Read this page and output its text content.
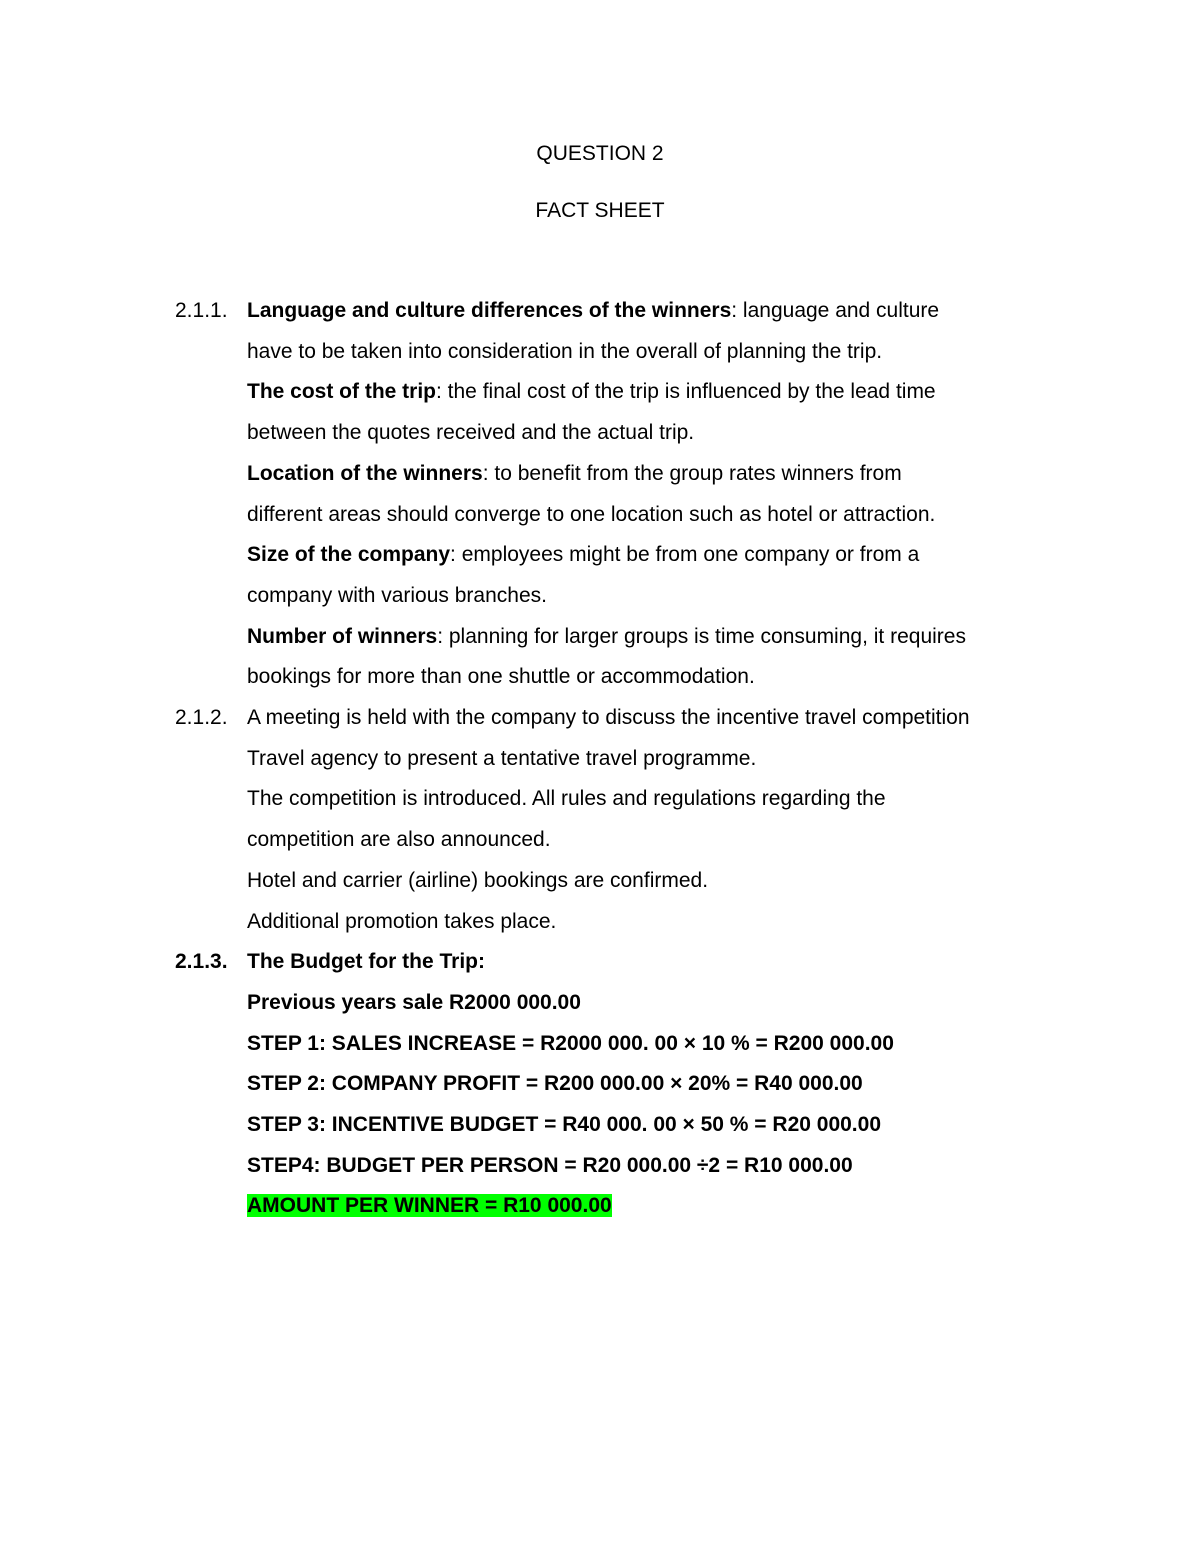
QUESTION 2
FACT SHEET
2.1.1. Language and culture differences of the winners: language and culture
have to be taken into consideration in the overall of planning the trip.
The cost of the trip: the final cost of the trip is influenced by the lead time
between the quotes received and the actual trip.
Location of the winners: to benefit from the group rates winners from
different areas should converge to one location such as hotel or attraction.
Size of the company: employees might be from one company or from a
company with various branches.
Number of winners: planning for larger groups is time consuming, it requires
bookings for more than one shuttle or accommodation.
2.1.2. A meeting is held with the company to discuss the incentive travel competition
Travel agency to present a tentative travel programme.
The competition is introduced. All rules and regulations regarding the
competition are also announced.
Hotel and carrier (airline) bookings are confirmed.
Additional promotion takes place.
2.1.3. The Budget for the Trip:
Previous years sale R2000 000.00
STEP 1: SALES INCREASE = R2000 000. 00 × 10 % = R200 000.00
STEP 2: COMPANY PROFIT = R200 000.00 × 20% = R40 000.00
STEP 3: INCENTIVE BUDGET = R40 000. 00 × 50 % = R20 000.00
STEP4: BUDGET PER PERSON = R20 000.00 ÷2 = R10 000.00
AMOUNT PER WINNER = R10 000.00
